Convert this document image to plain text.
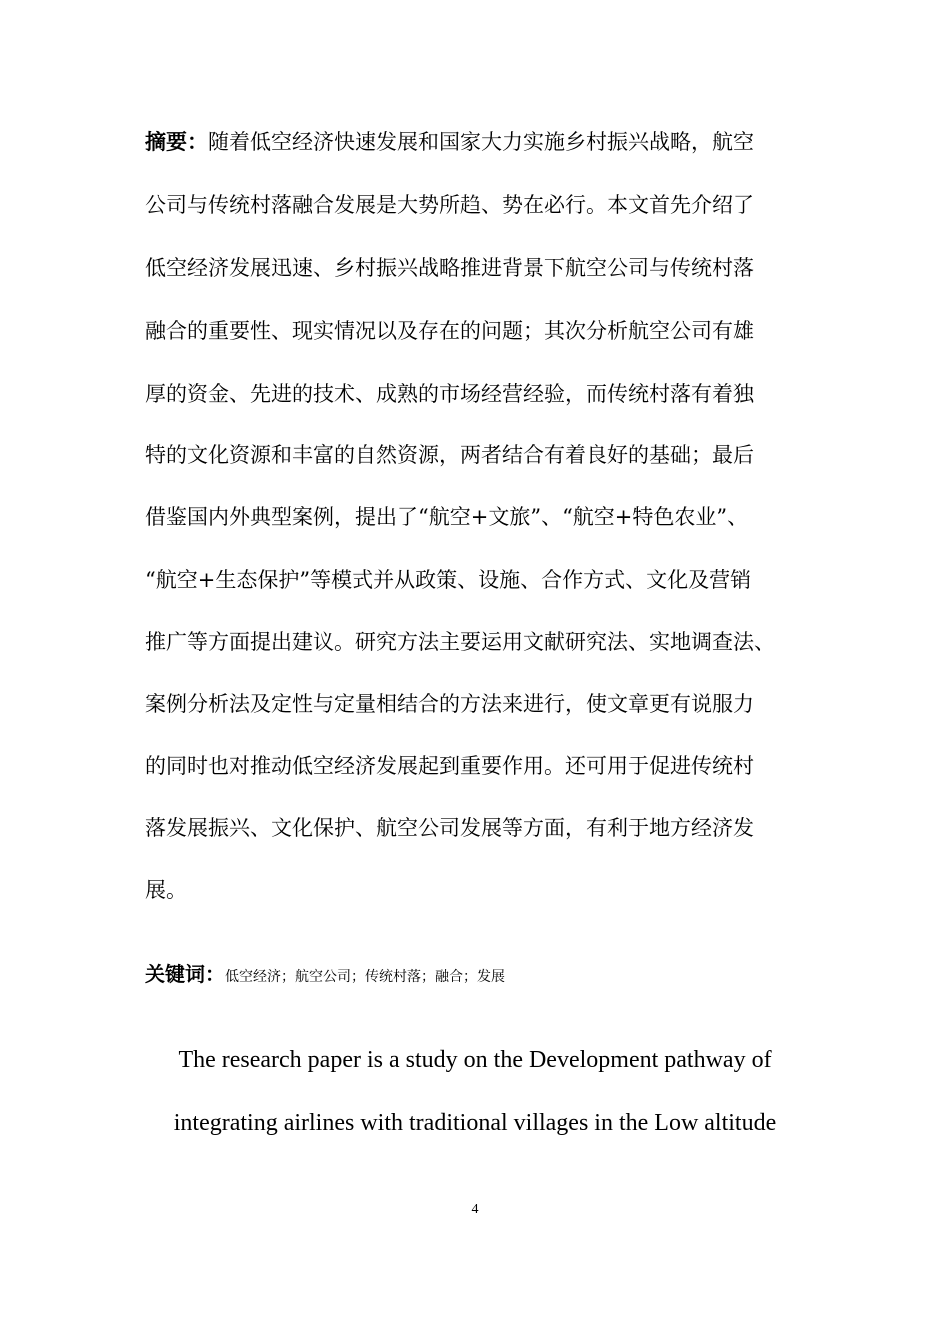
摘要：随着低空经济快速发展和国家大力实施乡村振兴战略，航空
公司与传统村落融合发展是大势所趋、势在必行。本文首先介绍了
低空经济发展迅速、乡村振兴战略推进背景下航空公司与传统村落
融合的重要性、现实情况以及存在的问题；其次分析航空公司有雄
厚的资金、先进的技术、成熟的市场经营经验，而传统村落有着独
特的文化资源和丰富的自然资源，两者结合有着良好的基础；最后
借鉴国内外典型案例，提出了“航空+文旅”、“航空+特色农业”、
“航空+生态保护”等模式并从政策、设施、合作方式、文化及营销
推广等方面提出建议。研究方法主要运用文献研究法、实地调查法、
案例分析法及定性与定量相结合的方法来进行，使文章更有说服力
的同时也对推动低空经济发展起到重要作用。还可用于促进传统村
落发展振兴、文化保护、航空公司发展等方面，有利于地方经济发
展。
关键词：低空经济；航空公司；传统村落；融合；发展
The research paper is a study on the Development pathway of
integrating airlines with traditional villages in the Low altitude
4
